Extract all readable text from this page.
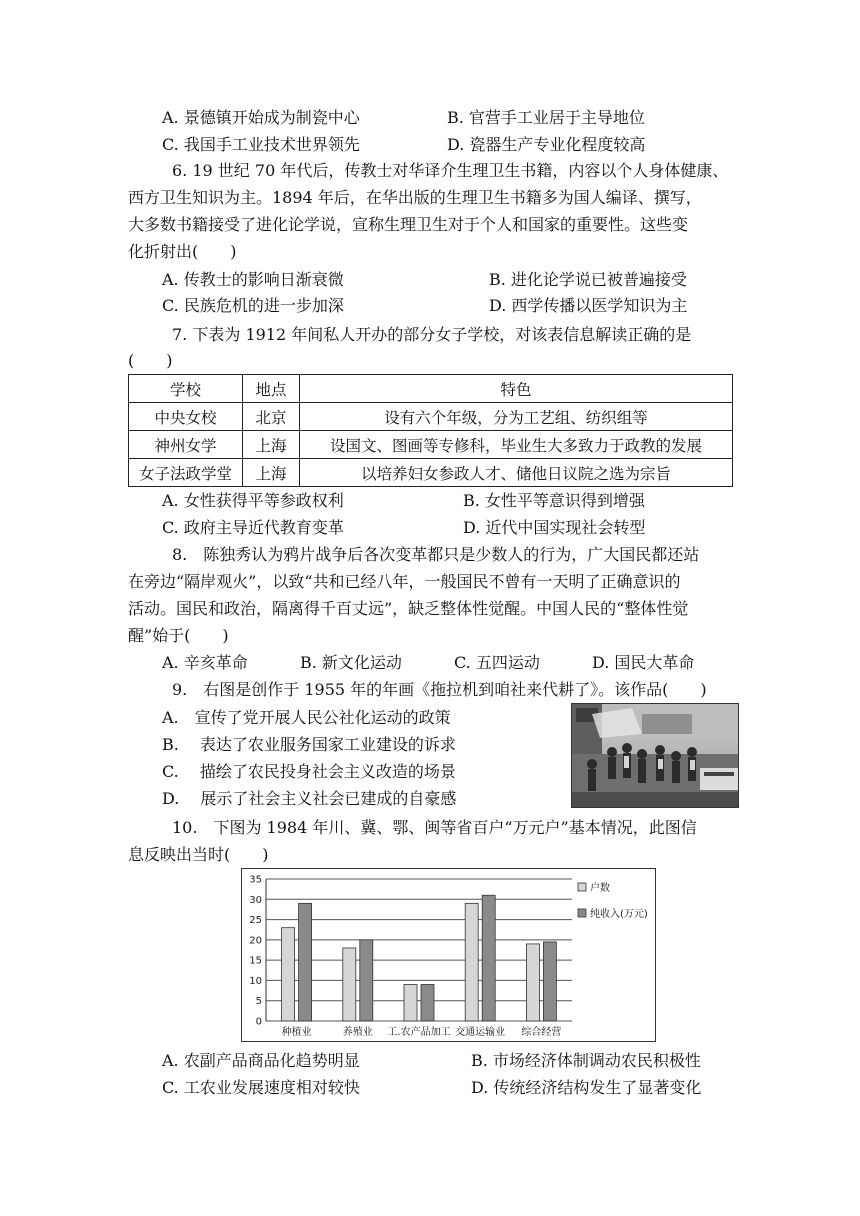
A. 景德镇开始成为制瓷中心	B. 官营手工业居于主导地位
C. 我国手工业技术世界领先	D. 瓷器生产专业化程度较高
6. 19 世纪 70 年代后，传教士对华译介生理卫生书籍，内容以个人身体健康、
西方卫生知识为主。1894 年后，在华出版的生理卫生书籍多为国人编译、撰写，
大多数书籍接受了进化论学说，宣称生理卫生对于个人和国家的重要性。这些变
化折射出(　　)
A. 传教士的影响日渐衰微	B. 进化论学说已被普遍接受
C. 民族危机的进一步加深	D. 西学传播以医学知识为主
7. 下表为 1912 年间私人开办的部分女子学校，对该表信息解读正确的是
(　　)
学校	地点	特色
中央女校	北京	设有六个年级，分为工艺组、纺织组等
神州女学	上海	设国文、图画等专修科，毕业生大多致力于政教的发展
女子法政学堂	上海	以培养妇女参政人才、储他日议院之选为宗旨
A. 女性获得平等参政权利	B. 女性平等意识得到增强
C. 政府主导近代教育变革	D. 近代中国实现社会转型
8.　陈独秀认为鸦片战争后各次变革都只是少数人的行为，广大国民都还站
在旁边“隔岸观火”，以致“共和已经八年，一般国民不曾有一天明了正确意识的
活动。国民和政治，隔离得千百丈远”，缺乏整体性觉醒。中国人民的“整体性觉
醒”始于(　　)
A. 辛亥革命	B. 新文化运动	C. 五四运动	D. 国民大革命
9.　右图是创作于 1955 年的年画《拖拉机到咱社来代耕了》。该作品(　　)
A.　宣传了党开展人民公社化运动的政策
B.　 表达了农业服务国家工业建设的诉求
C.　 描绘了农民投身社会主义改造的场景
D.　 展示了社会主义社会已建成的自豪感
10.　下图为 1984 年川、冀、鄂、闽等省百户“万元户”基本情况，此图信
息反映出当时(　　)
0
5
10
15
20
25
30
35
种植业	养殖业 工.农产品加工 交通运输业 综合经营
户数
纯收入(万元)
A. 农副产品商品化趋势明显	B. 市场经济体制调动农民积极性
C. 工农业发展速度相对较快	D. 传统经济结构发生了显著变化
